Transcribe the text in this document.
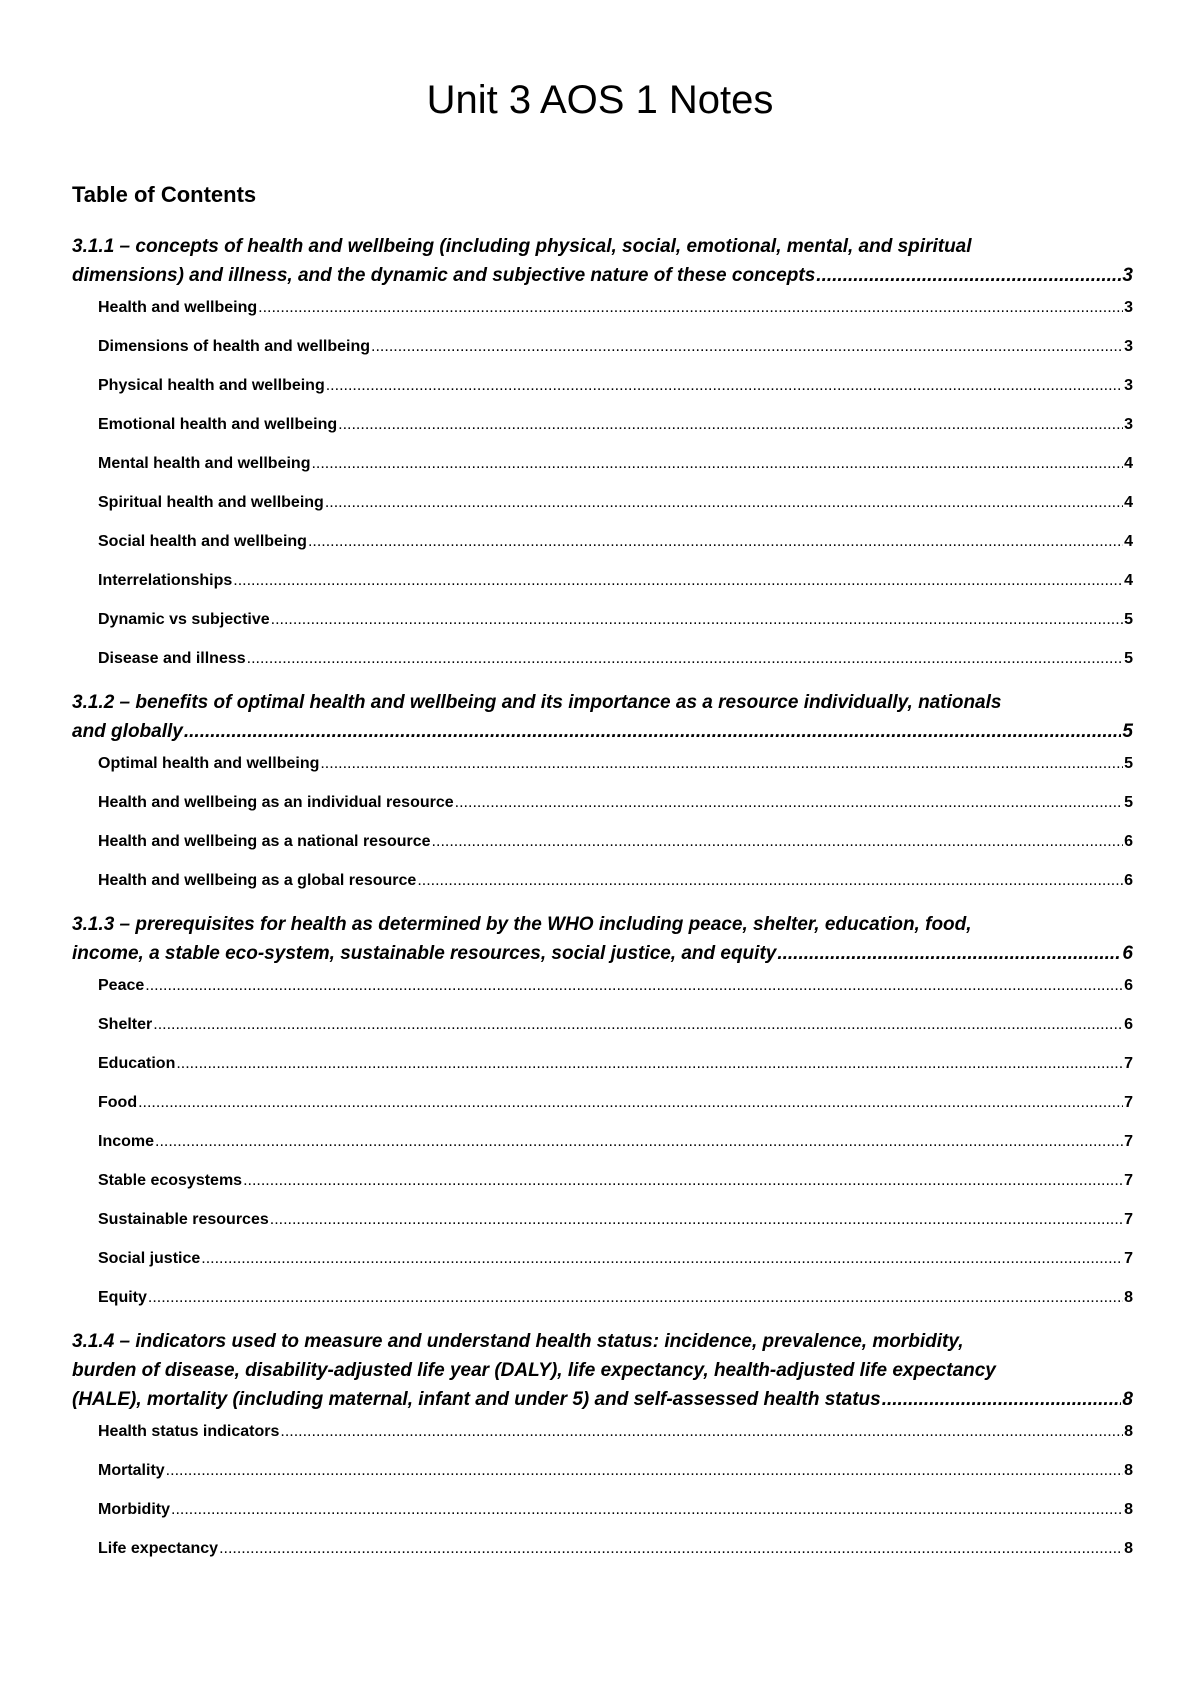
Unit 3 AOS 1 Notes
Table of Contents
3.1.1 – concepts of health and wellbeing (including physical, social, emotional, mental, and spiritual
dimensions) and illness, and the dynamic and subjective nature of these concepts .....	3
Health and wellbeing .....	3
Dimensions of health and wellbeing .....	3
Physical health and wellbeing .....	3
Emotional health and wellbeing .....	3
Mental health and wellbeing .....	4
Spiritual health and wellbeing .....	4
Social health and wellbeing .....	4
Interrelationships .....	4
Dynamic vs subjective .....	5
Disease and illness .....	5
3.1.2 – benefits of optimal health and wellbeing and its importance as a resource individually, nationals
and globally .....	5
Optimal health and wellbeing .....	5
Health and wellbeing as an individual resource .....	5
Health and wellbeing as a national resource .....	6
Health and wellbeing as a global resource .....	6
3.1.3 – prerequisites for health as determined by the WHO including peace, shelter, education, food,
income, a stable eco-system, sustainable resources, social justice, and equity .....	6
Peace .....	6
Shelter .....	6
Education .....	7
Food .....	7
Income .....	7
Stable ecosystems .....	7
Sustainable resources .....	7
Social justice .....	7
Equity .....	8
3.1.4 – indicators used to measure and understand health status: incidence, prevalence, morbidity,
burden of disease, disability-adjusted life year (DALY), life expectancy, health-adjusted life expectancy
(HALE), mortality (including maternal, infant and under 5) and self-assessed health status .....	8
Health status indicators .....	8
Mortality .....	8
Morbidity .....	8
Life expectancy .....	8
